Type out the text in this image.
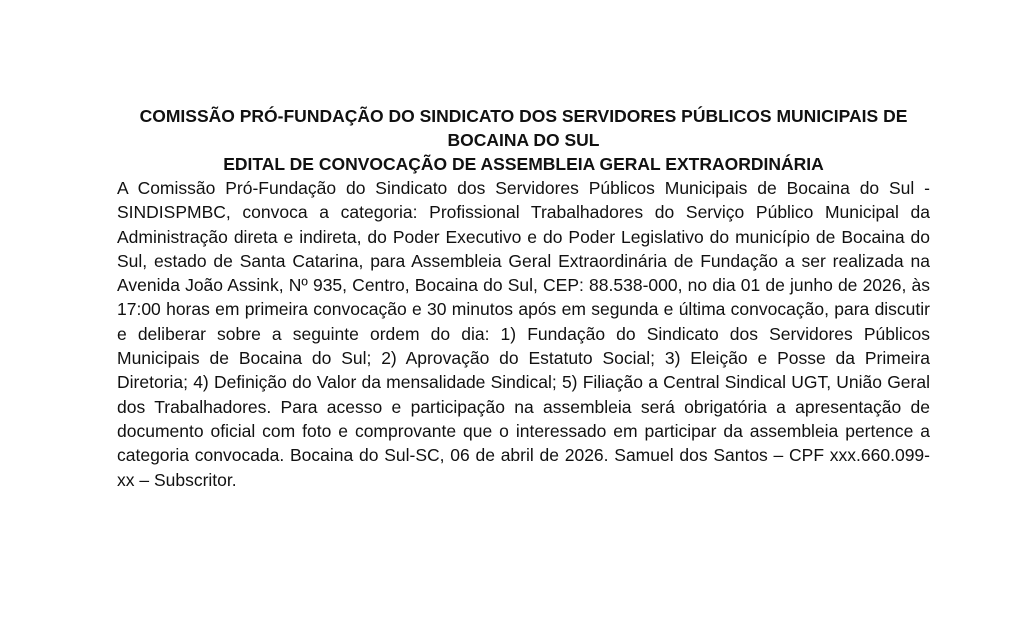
COMISSÃO PRÓ-FUNDAÇÃO DO SINDICATO DOS SERVIDORES PÚBLICOS MUNICIPAIS DE
BOCAINA DO SUL
EDITAL DE CONVOCAÇÃO DE ASSEMBLEIA GERAL EXTRAORDINÁRIA

A Comissão Pró-Fundação do Sindicato dos Servidores Públicos Municipais de Bocaina do Sul - SINDISPMBC, convoca a categoria: Profissional Trabalhadores do Serviço Público Municipal da Administração direta e indireta, do Poder Executivo e do Poder Legislativo do município de Bocaina do Sul, estado de Santa Catarina, para Assembleia Geral Extraordinária de Fundação a ser realizada na Avenida João Assink, Nº 935, Centro, Bocaina do Sul, CEP: 88.538-000, no dia 01 de junho de 2026, às 17:00 horas em primeira convocação e 30 minutos após em segunda e última convocação, para discutir e deliberar sobre a seguinte ordem do dia: 1) Fundação do Sindicato dos Servidores Públicos Municipais de Bocaina do Sul; 2) Aprovação do Estatuto Social; 3) Eleição e Posse da Primeira Diretoria; 4) Definição do Valor da mensalidade Sindical; 5) Filiação a Central Sindical UGT, União Geral dos Trabalhadores. Para acesso e participação na assembleia será obrigatória a apresentação de documento oficial com foto e comprovante que o interessado em participar da assembleia pertence a categoria convocada. Bocaina do Sul-SC, 06 de abril de 2026. Samuel dos Santos – CPF xxx.660.099-xx – Subscritor.
